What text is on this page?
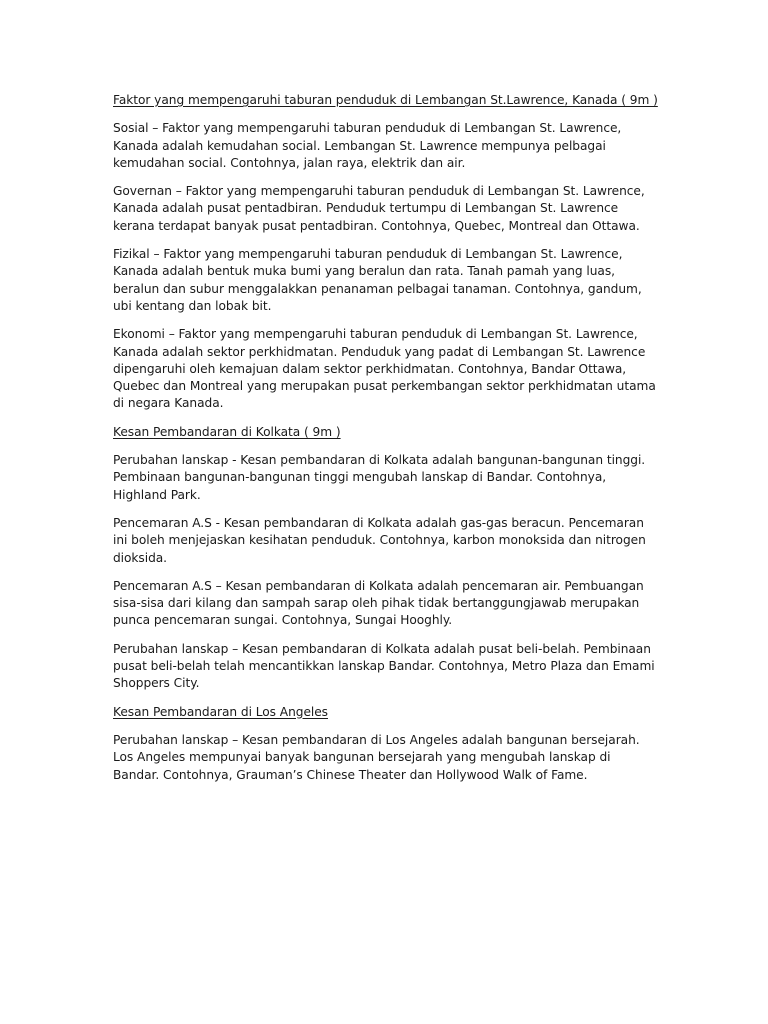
Faktor yang mempengaruhi taburan penduduk di Lembangan St.Lawrence, Kanada ( 9m )

Sosial – Faktor yang mempengaruhi taburan penduduk di Lembangan St. Lawrence, Kanada adalah kemudahan social. Lembangan St. Lawrence mempunya pelbagai kemudahan social. Contohnya, jalan raya, elektrik dan air.

Governan – Faktor yang mempengaruhi taburan penduduk di Lembangan St. Lawrence, Kanada adalah pusat pentadbiran. Penduduk tertumpu di Lembangan St. Lawrence kerana terdapat banyak pusat pentadbiran. Contohnya, Quebec, Montreal dan Ottawa.

Fizikal – Faktor yang mempengaruhi taburan penduduk di Lembangan St. Lawrence, Kanada adalah bentuk muka bumi yang beralun dan rata. Tanah pamah yang luas, beralun dan subur menggalakkan penanaman pelbagai tanaman. Contohnya, gandum, ubi kentang dan lobak bit.

Ekonomi – Faktor yang mempengaruhi taburan penduduk di Lembangan St. Lawrence, Kanada adalah sektor perkhidmatan. Penduduk yang padat di Lembangan St. Lawrence dipengaruhi oleh kemajuan dalam sektor perkhidmatan. Contohnya, Bandar Ottawa, Quebec dan Montreal yang merupakan pusat perkembangan sektor perkhidmatan utama di negara Kanada.

Kesan Pembandaran di Kolkata ( 9m )

Perubahan lanskap - Kesan pembandaran di Kolkata adalah bangunan-bangunan tinggi. Pembinaan bangunan-bangunan tinggi mengubah lanskap di Bandar. Contohnya, Highland Park.

Pencemaran A.S - Kesan pembandaran di Kolkata adalah gas-gas beracun. Pencemaran ini boleh menjejaskan kesihatan penduduk. Contohnya, karbon monoksida dan nitrogen dioksida.

Pencemaran A.S – Kesan pembandaran di Kolkata adalah pencemaran air. Pembuangan sisa-sisa dari kilang dan sampah sarap oleh pihak tidak bertanggungjawab merupakan punca pencemaran sungai. Contohnya, Sungai Hooghly.

Perubahan lanskap – Kesan pembandaran di Kolkata adalah pusat beli-belah. Pembinaan pusat beli-belah telah mencantikkan lanskap Bandar. Contohnya, Metro Plaza dan Emami Shoppers City.

Kesan Pembandaran di Los Angeles

Perubahan lanskap – Kesan pembandaran di Los Angeles adalah bangunan bersejarah. Los Angeles mempunyai banyak bangunan bersejarah yang mengubah lanskap di Bandar. Contohnya, Grauman’s Chinese Theater dan Hollywood Walk of Fame.
